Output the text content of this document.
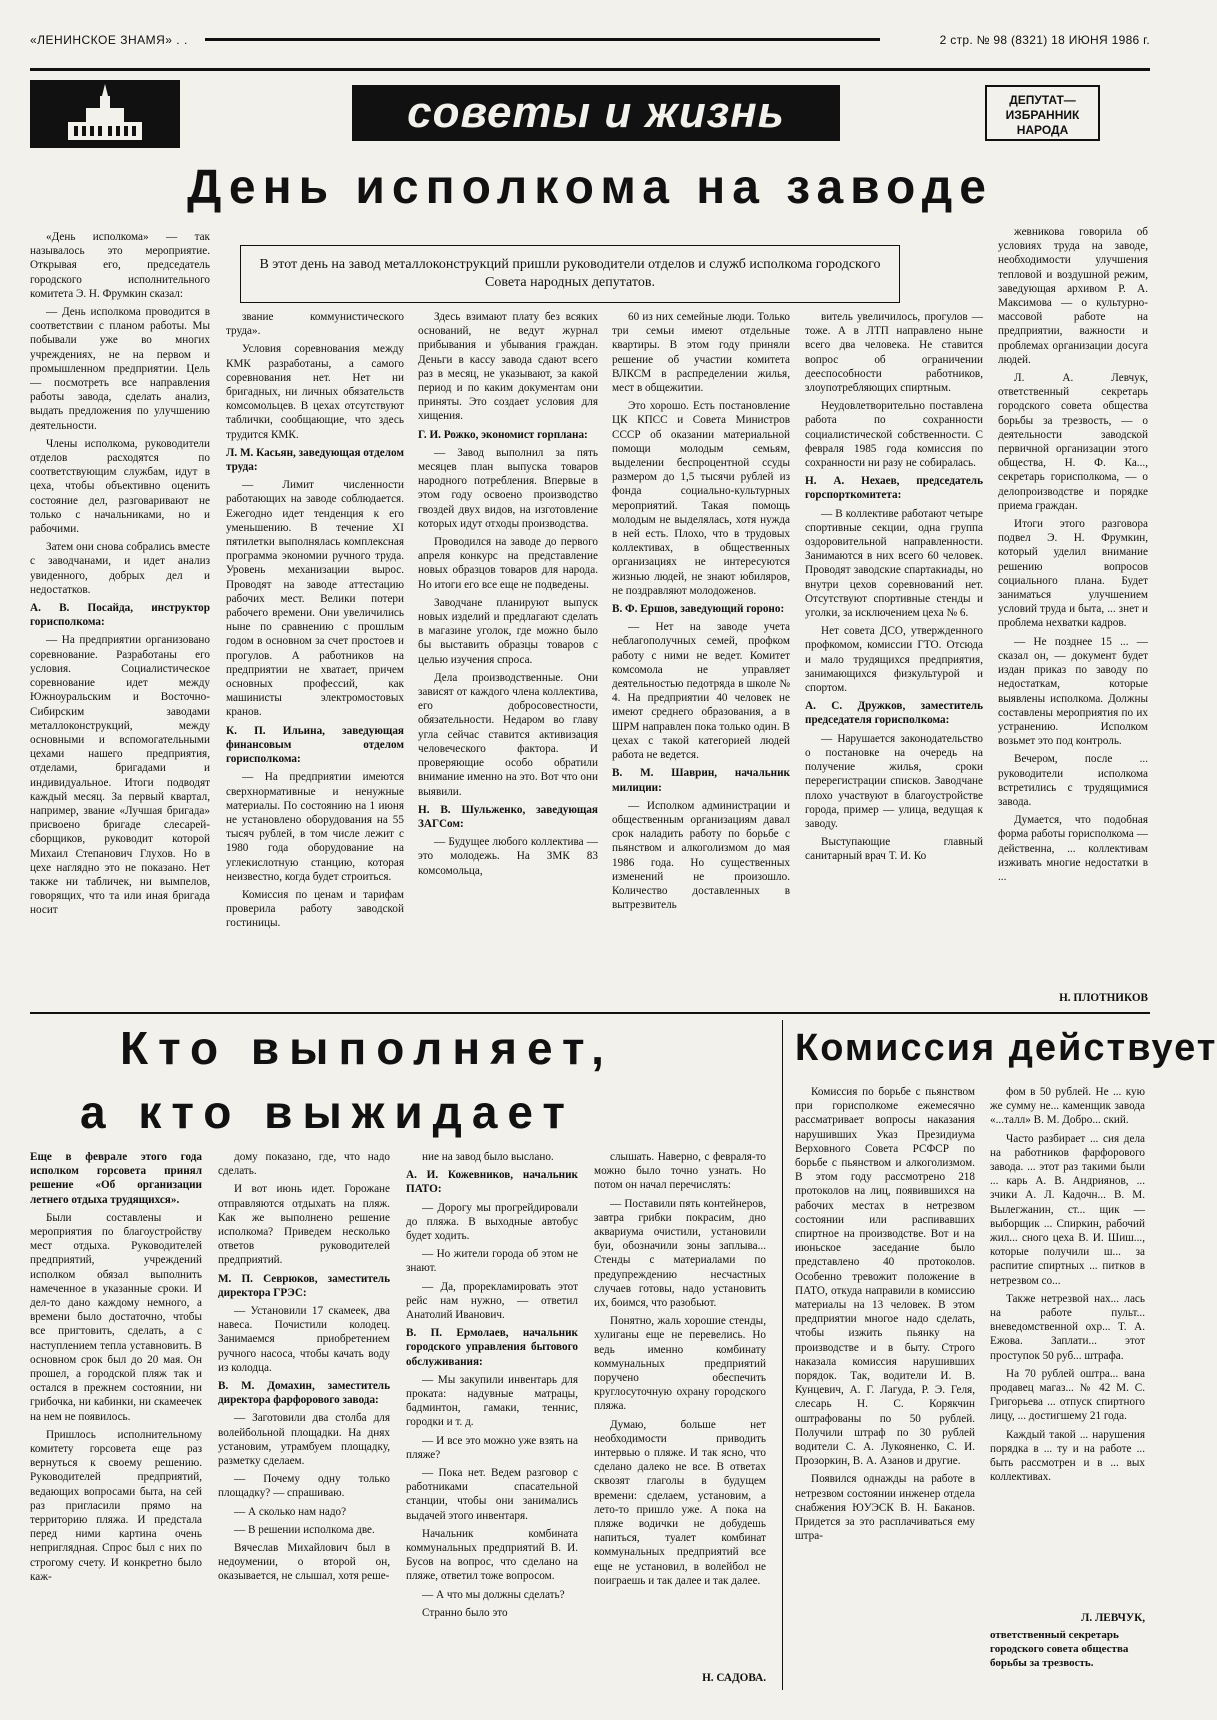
«ЛЕНИНСКОЕ ЗНАМЯ» . .	2 стр. № 98 (8321) 18 ИЮНЯ 1986 г.
советы и жизнь	ДЕПУТАТ—
ИЗБРАННИК
НАРОДА
День исполкома на заводе
В этот день на завод металлоконструкций пришли руководители отделов и служб исполкома городского Совета народных депутатов.

«День исполкома» — так называлось это мероприятие. Открывая его, председатель городского исполнительного комитета Э. Н. Фрумкин сказал:

— День исполкома проводится в соответствии с планом работы. Мы побывали уже во многих учреждениях, не на первом и промышленном предприятии. Цель — посмотреть все направления работы завода, сделать анализ, выдать предложения по улучшению деятельности.

Члены исполкома, руководители отделов расходятся по соответствующим службам, идут в цеха, чтобы объективно оценить состояние дел, разговаривают не только с начальниками, но и рабочими.

Затем они снова собрались вместе с заводчанами, и идет анализ увиденного, добрых дел и недостатков.

А. В. Посайда, инструктор горисполкома:

— На предприятии организовано соревнование. Разработаны его условия. Социалистическое соревнование идет между Южноуральским и Восточно-Сибирским заводами металлоконструкций, между основными и вспомогательными цехами нашего предприятия, отделами, бригадами и индивидуальное. Итоги подводят каждый месяц. За первый квартал, например, звание «Лучшая бригада» присвоено бригаде слесарей-сборщиков, руководит которой Михаил Степанович Глухов. Но в цехе наглядно это не показано. Нет также ни табличек, ни вымпелов, говорящих, что та или иная бригада носит

звание коммунистического труда».

Условия соревнования между КМК разработаны, а самого соревнования нет. Нет ни бригадных, ни личных обязательств комсомольцев. В цехах отсутствуют таблички, сообщающие, что здесь трудится КМК.

Л. М. Касьян, заведующая отделом труда:

— Лимит численности работающих на заводе соблюдается. Ежегодно идет тенденция к его уменьшению. В течение XI пятилетки выполнялась комплексная программа экономии ручного труда. Уровень механизации вырос. Проводят на заводе аттестацию рабочих мест. Велики потери рабочего времени. Они увеличились ныне по сравнению с прошлым годом в основном за счет простоев и прогулов. А работников на предприятии не хватает, причем основных профессий, как машинисты электромостовых кранов.

К. П. Ильина, заведующая финансовым отделом горисполкома:

— На предприятии имеются сверхнормативные и ненужные материалы. По состоянию на 1 июня не установлено оборудования на 55 тысяч рублей, в том числе лежит с 1980 года оборудование на углекислотную станцию, которая неизвестно, когда будет строиться.

Комиссия по ценам и тарифам проверила работу заводской гостиницы.

Здесь взимают плату без всяких оснований, не ведут журнал прибывания и убывания граждан. Деньги в кассу завода сдают всего раз в месяц, не указывают, за какой период и по каким документам они приняты. Это создает условия для хищения.

Г. И. Рожко, экономист горплана:

— Завод выполнил за пять месяцев план выпуска товаров народного потребления. Впервые в этом году освоено производство гвоздей двух видов, на изготовление которых идут отходы производства.

Проводился на заводе до первого апреля конкурс на представление новых образцов товаров для народа. Но итоги его все еще не подведены.

Заводчане планируют выпуск новых изделий и предлагают сделать в магазине уголок, где можно было бы выставить образцы товаров с целью изучения спроса.

Дела производственные. Они зависят от каждого члена коллектива, его добросовестности, обязательности. Недаром во главу угла сейчас ставится активизация человеческого фактора. И проверяющие особо обратили внимание именно на это. Вот что они выявили.

Н. В. Шульженко, заведующая ЗАГСом:

— Будущее любого коллектива — это молодежь. На ЗМК 83 комсомольца,

60 из них семейные люди. Только три семьи имеют отдельные квартиры. В этом году приняли решение об участии комитета ВЛКСМ в распределении жилья, мест в общежитии.

Это хорошо. Есть постановление ЦК КПСС и Совета Министров СССР об оказании материальной помощи молодым семьям, выделении беспроцентной ссуды размером до 1,5 тысячи рублей из фонда социально-культурных мероприятий. Такая помощь молодым не выделялась, хотя нужда в ней есть. Плохо, что в трудовых коллективах, в общественных организациях не интересуются жизнью людей, не знают юбиляров, не поздравляют молодоженов.

В. Ф. Ершов, заведующий гороно:

— Нет на заводе учета неблагополучных семей, профком работу с ними не ведет. Комитет комсомола не управляет деятельностью педотряда в школе № 4. На предприятии 40 человек не имеют среднего образования, а в ШРМ направлен пока только один. В цехах с такой категорией людей работа не ведется.

В. М. Шаврин, начальник милиции:

— Исполком администрации и общественным организациям давал срок наладить работу по борьбе с пьянством и алкоголизмом до мая 1986 года. Но существенных изменений не произошло. Количество доставленных в вытрезвитель

витель увеличилось, прогулов — тоже. А в ЛТП направлено ныне всего два человека. Не ставится вопрос об ограничении дееспособности работников, злоупотребляющих спиртным.

Неудовлетворительно поставлена работа по сохранности социалистической собственности. С февраля 1985 года комиссия по сохранности ни разу не собиралась.

Н. А. Нехаев, председатель горспорткомитета:

— В коллективе работают четыре спортивные секции, одна группа оздоровительной направленности. Занимаются в них всего 60 человек. Проводят заводские спартакиады, но внутри цехов соревнований нет. Отсутствуют спортивные стенды и уголки, за исключением цеха № 6.

Нет совета ДСО, утвержденного профкомом, комиссии ГТО. Отсюда и мало трудящихся предприятия, занимающихся физкультурой и спортом.

А. С. Дружков, заместитель председателя горисполкома:

— Нарушается законодательство о постановке на очередь на получение жилья, сроки перерегистрации списков. Заводчане плохо участвуют в благоустройстве города, пример — улица, ведущая к заводу.

Выступающие главный санитарный врач Т. И. Ко

жевникова говорила об условиях труда на заводе, необходимости улучшения тепловой и воздушной режим, заведующая архивом Р. А. Максимова — о культурно-массовой работе на предприятии, важности и проблемах организации досуга людей.

Л. А. Левчук, ответственный секретарь городского совета общества борьбы за трезвость, — о деятельности заводской первичной организации этого общества, Н. Ф. Ка..., секретарь горисполкома, — о делопроизводстве и порядке приема граждан.

Итоги этого разговора подвел Э. Н. Фрумкин, который уделил внимание решению вопросов социального плана. Будет заниматься улучшением условий труда и быта, ... знет и проблема нехватки кадров.

— Не позднее 15 ... — сказал он, — документ будет издан приказ по заводу по недостаткам, которые выявлены исполкома. Должны составлены мероприятия по их устранению. Исполком возьмет это под контроль.

Вечером, после ... руководители исполкома встретились с трудящимися завода.

Думается, что подобная форма работы горисполкома — действенна, ... коллективам изживать многие недостатки в ...

Н. ПЛОТНИКОВ
Кто выполняет,
а кто выжидает

Еще в феврале этого года исполком горсовета принял решение «Об организации летнего отдыха трудящихся».

Были составлены и мероприятия по благоустройству мест отдыха. Руководителей предприятий, учреждений исполком обязал выполнить намеченное в указанные сроки. И дел-то дано каждому немного, а времени было достаточно, чтобы все пригтовить, сделать, а с наступлением тепла уставновить. В основном срок был до 20 мая. Он прошел, а городской пляж так и остался в прежнем состоянии, ни грибочка, ни кабинки, ни скамеечек на нем не появилось.

Пришлось исполнительному комитету горсовета еще раз вернуться к своему решению. Руководителей предприятий, ведающих вопросами быта, на сей раз пригласили прямо на территорию пляжа. И предстала перед ними картина очень неприглядная. Спрос был с них по строгому счету. И конкретно было каж-

дому показано, где, что надо сделать.

И вот июнь идет. Горожане отправляются отдыхать на пляж. Как же выполнено решение исполкома? Приведем несколько ответов руководителей предприятий.

М. П. Севрюков, заместитель директора ГРЭС:

— Установили 17 скамеек, два навеса. Почистили колодец. Занимаемся приобретением ручного насоса, чтобы качать воду из колодца.

В. М. Домахин, заместитель директора фарфорового завода:

— Заготовили два столба для волейбольной площадки. На днях установим, утрамбуем площадку, разметку сделаем.

— Почему одну только площадку? — спрашиваю.

— А сколько нам надо?

— В решении исполкома две.

Вячеслав Михайлович был в недоумении, о второй он, оказывается, не слышал, хотя реше-

ние на завод было выслано.

А. И. Кожевников, начальник ПАТО:

— Дорогу мы прогрейдировали до пляжа. В выходные автобус будет ходить.

— Но жители города об этом не знают.

— Да, прорекламировать этот рейс нам нужно, — ответил Анатолий Иванович.

В. П. Ермолаев, начальник городского управления бытового обслуживания:

— Мы закупили инвентарь для проката: надувные матрацы, бадминтон, гамаки, теннис, городки и т. д.

— И все это можно уже взять на пляже?

— Пока нет. Ведем разговор с работниками спасательной станции, чтобы они занимались выдачей этого инвентаря.

Начальник комбината коммунальных предприятий В. И. Бусов на вопрос, что сделано на пляже, ответил тоже вопросом.

— А что мы должны сделать?

Странно было это

слышать. Наверно, с февраля-то можно было точно узнать. Но потом он начал перечислять:

— Поставили пять контейнеров, завтра грибки покрасим, дно аквариума очистили, установили буи, обозначили зоны заплыва... Стенды с материалами по предупреждению несчастных случаев готовы, надо установить их, боимся, что разобьют.

Понятно, жаль хорошие стенды, хулиганы еще не перевелись. Но ведь именно комбинату коммунальных предприятий поручено обеспечить круглосуточную охрану городского пляжа.

Думаю, больше нет необходимости приводить интервью о пляже. И так ясно, что сделано далеко не все. В ответах сквозят глаголы в будущем времени: сделаем, установим, а лето-то пришло уже. А пока на пляже водички не добудешь напиться, туалет комбинат коммунальных предприятий все еще не установил, в волейбол не поиграешь и так далее и так далее.

Н. САДОВА.
Комиссия действует

Комиссия по борьбе с пьянством при горисполкоме ежемесячно рассматривает вопросы наказания нарушивших Указ Президиума Верховного Совета РСФСР по борьбе с пьянством и алкоголизмом. В этом году рассмотрено 218 протоколов на лиц, появившихся на рабочих местах в нетрезвом состоянии или распивавших спиртное на производстве. Вот и на июньское заседание было представлено 40 протоколов. Особенно тревожит положение в ПАТО, откуда направили в комиссию материалы на 13 человек. В этом предприятии многое надо сделать, чтобы изжить пьянку на производстве и в быту. Строго наказала комиссия нарушивших порядок. Так, водители И. В. Кунцевич, А. Г. Лагуда, Р. Э. Геля, слесарь Н. С. Корякчин оштрафованы по 50 рублей. Получили штраф по 30 рублей водители С. А. Лукояненко, С. И. Прозоркин, В. А. Азанов и другие.

Появился однажды на работе в нетрезвом состоянии инженер отдела снабжения ЮУЭСК В. Н. Баканов. Придется за это расплачиваться ему штра-

фом в 50 рублей. Не ... кую же сумму не... каменщик завода «...талл» В. М. Добро... ский.

Часто разбирает ... сия дела на работников фарфорового завода. ... этот раз такими были ... карь А. В. Андриянов, ... зчики А. Л. Кадочн... В. М. Вылегжанин, ст... щик — выборщик ... Спиркин, рабочий жил... сного цеха В. И. Шиш..., которые получили ш... за распитие спиртных ... питков в нетрезвом со...

Также нетрезвой нах... лась на работе пульт... вневедомственной охр... Т. А. Ежова. Заплати... этот проступок 50 руб... штрафа.

На 70 рублей оштра... вана продавец магаз... № 42 М. С. Григорьева ... отпуск спиртного лицу, ... достигшему 21 года.

Каждый такой ... нарушения порядка в ... ту и на работе ... быть рассмотрен и в ... вых коллективах.

Л. ЛЕВЧУК,
ответственный секретарь городского совета общества борьбы за трезвость.
